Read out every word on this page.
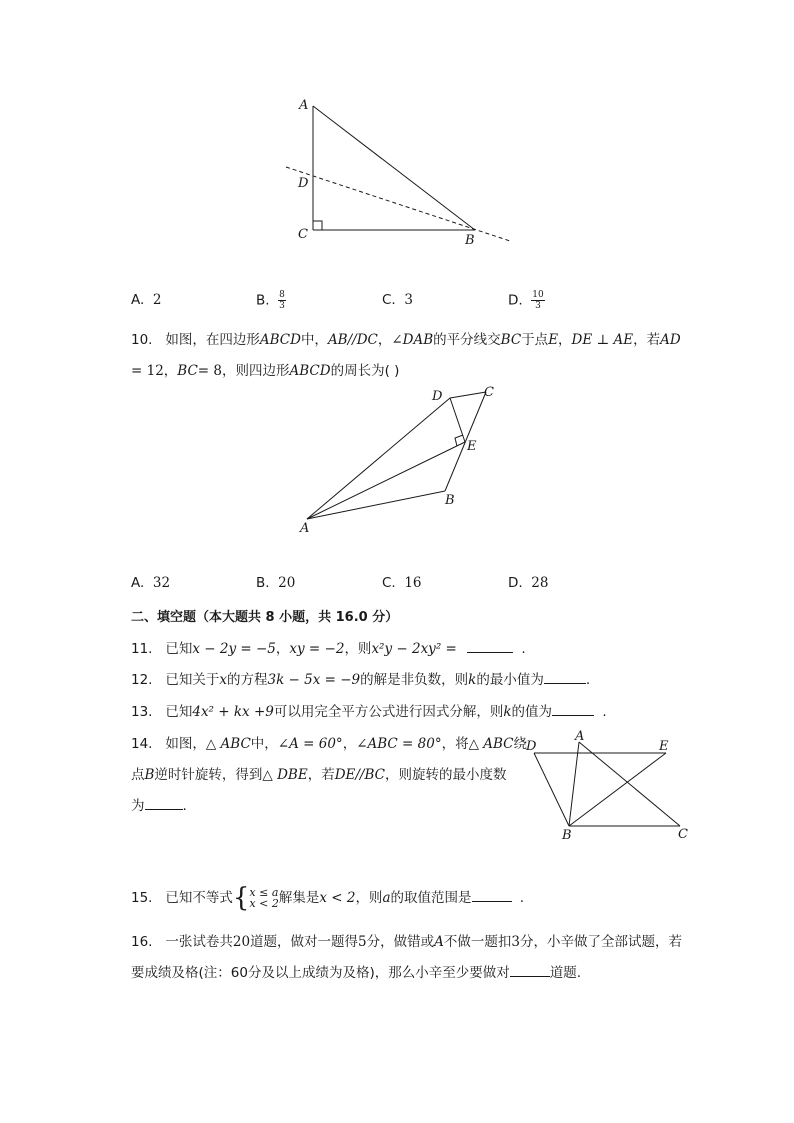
A
D
C	B
A. 2	B. $\frac{8}{3}$	C. 3	D. $\frac{10}{3}$
10. 如图，在四边形ABCD中，AB//DC，∠DAB的平分线交BC于点E，DE ⊥ AE，若AD
= 12，BC= 8，则四边形ABCD的周长为( )
D	C
E
B
A
A. 32	B. 20	C. 16	D. 28
二、填空题（本大题共 8 小题，共 16.0 分）
11. 已知x − 2y = −5，xy = −2，则x²y − 2xy² =	.
12. 已知关于x的方程3k − 5x = −9的解是非负数，则k的最小值为	.
13. 已知4x² + kx +9可以用完全平方公式进行因式分解，则k的值为	.
14. 如图，△ ABC中，∠A = 60°，∠ABC = 80°，将△ ABC绕
点B逆时针旋转，得到△ DBE，若DE//BC，则旋转的最小度数
为	.
D
A
E
B	C
15. 已知不等式{ x ≤ a
x < 2 解集是x < 2，则a的取值范围是	.
16. 一张试卷共20道题，做对一题得5分，做错或A不做一题扣3分，小辛做了全部试题，若
要成绩及格(注：60分及以上成绩为及格)，那么小辛至少要做对	道题.
